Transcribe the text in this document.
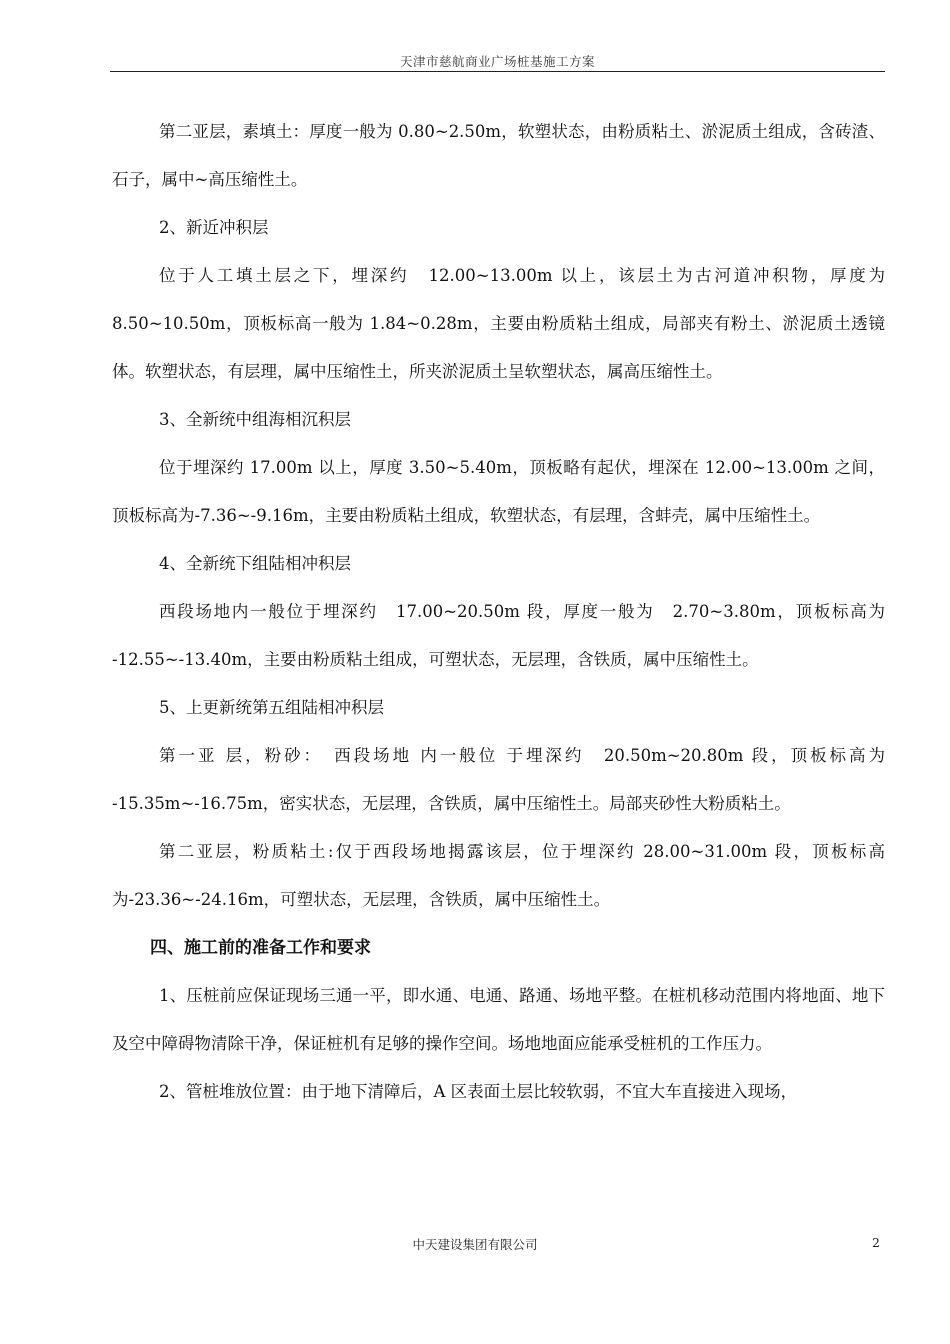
天津市慈航商业广场桩基施工方案

第二亚层，素填土：厚度一般为 0.80~2.50m，软塑状态，由粉质粘土、淤泥质土组成，含砖渣、石子，属中~高压缩性土。

2、新近冲积层

位于人工填土层之下，埋深约　12.00~13.00m 以上，该层土为古河道冲积物，厚度为 8.50~10.50m，顶板标高一般为 1.84~0.28m，主要由粉质粘土组成，局部夹有粉土、淤泥质土透镜体。软塑状态，有层理，属中压缩性土，所夹淤泥质土呈软塑状态，属高压缩性土。

3、全新统中组海相沉积层

位于埋深约 17.00m 以上，厚度 3.50~5.40m，顶板略有起伏，埋深在 12.00~13.00m 之间，顶板标高为-7.36~-9.16m，主要由粉质粘土组成，软塑状态，有层理，含蚌壳，属中压缩性土。

4、全新统下组陆相冲积层

西段场地内一般位于埋深约　17.00~20.50m 段，厚度一般为　2.70~3.80m，顶板标高为 -12.55~-13.40m，主要由粉质粘土组成，可塑状态，无层理，含铁质，属中压缩性土。

5、上更新统第五组陆相冲积层

第一亚 层，粉砂：　西段场地 内一般位 于埋深约　20.50m~20.80m 段，顶板标高为 -15.35m~-16.75m，密实状态，无层理，含铁质，属中压缩性土。局部夹砂性大粉质粘土。

第二亚层，粉质粘土:仅于西段场地揭露该层，位于埋深约 28.00~31.00m 段，顶板标高为-23.36~-24.16m，可塑状态，无层理，含铁质，属中压缩性土。

四、施工前的准备工作和要求

1、压桩前应保证现场三通一平，即水通、电通、路通、场地平整。在桩机移动范围内将地面、地下及空中障碍物清除干净，保证桩机有足够的操作空间。场地地面应能承受桩机的工作压力。

2、管桩堆放位置：由于地下清障后，A 区表面土层比较软弱，不宜大车直接进入现场，

中天建设集团有限公司	2
